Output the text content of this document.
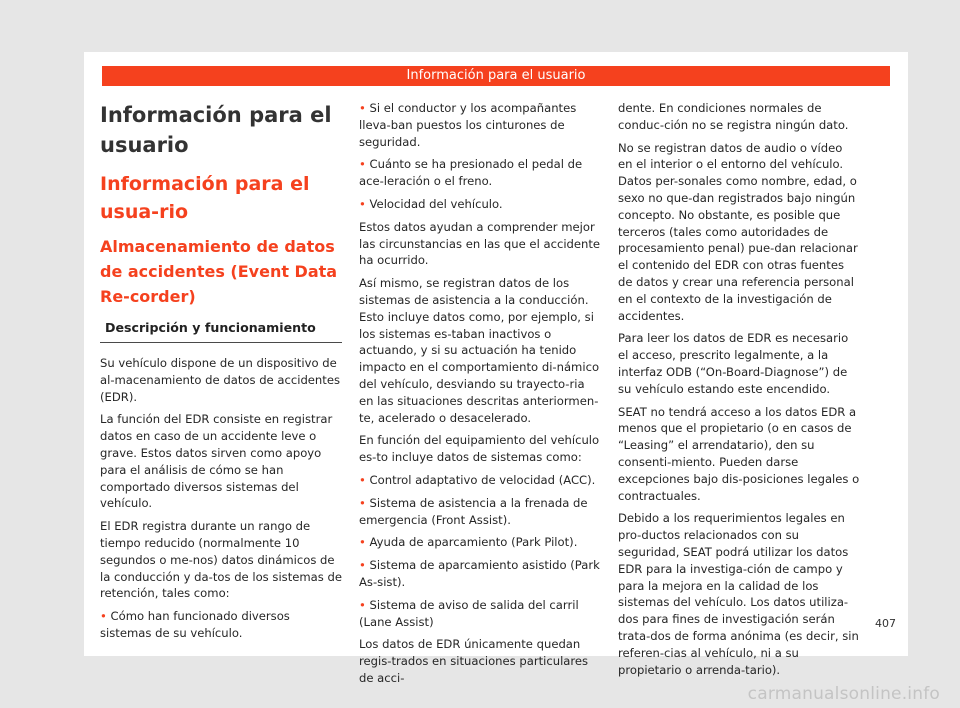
Información para el usuario
Información para el usuario
Información para el usua-rio
Almacenamiento de datos de accidentes (Event Data Re-corder)
Descripción y funcionamiento

Su vehículo dispone de un dispositivo de al-macenamiento de datos de accidentes (EDR).

La función del EDR consiste en registrar datos en caso de un accidente leve o grave. Estos datos sirven como apoyo para el análisis de cómo se han comportado diversos sistemas del vehículo.

El EDR registra durante un rango de tiempo reducido (normalmente 10 segundos o me-nos) datos dinámicos de la conducción y da-tos de los sistemas de retención, tales como:

• Cómo han funcionado diversos sistemas de su vehículo.
• Si el conductor y los acompañantes lleva-ban puestos los cinturones de seguridad.
• Cuánto se ha presionado el pedal de ace-leración o el freno.
• Velocidad del vehículo.

Estos datos ayudan a comprender mejor las circunstancias en las que el accidente ha ocurrido.

Así mismo, se registran datos de los sistemas de asistencia a la conducción. Esto incluye datos como, por ejemplo, si los sistemas es-taban inactivos o actuando, y si su actuación ha tenido impacto en el comportamiento di-námico del vehículo, desviando su trayecto-ria en las situaciones descritas anteriormen-te, acelerado o desacelerado.

En función del equipamiento del vehículo es-to incluye datos de sistemas como:

• Control adaptativo de velocidad (ACC).
• Sistema de asistencia a la frenada de emergencia (Front Assist).
• Ayuda de aparcamiento (Park Pilot).
• Sistema de aparcamiento asistido (Park As-sist).
• Sistema de aviso de salida del carril (Lane Assist)

Los datos de EDR únicamente quedan regis-trados en situaciones particulares de acci-

dente. En condiciones normales de conduc-ción no se registra ningún dato.

No se registran datos de audio o vídeo en el interior o el entorno del vehículo. Datos per-sonales como nombre, edad, o sexo no que-dan registrados bajo ningún concepto. No obstante, es posible que terceros (tales como autoridades de procesamiento penal) pue-dan relacionar el contenido del EDR con otras fuentes de datos y crear una referencia personal en el contexto de la investigación de accidentes.

Para leer los datos de EDR es necesario el acceso, prescrito legalmente, a la interfaz ODB (“On-Board-Diagnose”) de su vehículo estando este encendido.

SEAT no tendrá acceso a los datos EDR a menos que el propietario (o en casos de “Leasing” el arrendatario), den su consenti-miento. Pueden darse excepciones bajo dis-posiciones legales o contractuales.

Debido a los requerimientos legales en pro-ductos relacionados con su seguridad, SEAT podrá utilizar los datos EDR para la investiga-ción de campo y para la mejora en la calidad de los sistemas del vehículo. Los datos utiliza-dos para fines de investigación serán trata-dos de forma anónima (es decir, sin referen-cias al vehículo, ni a su propietario o arrenda-tario).

407
carmanualsonline.info
